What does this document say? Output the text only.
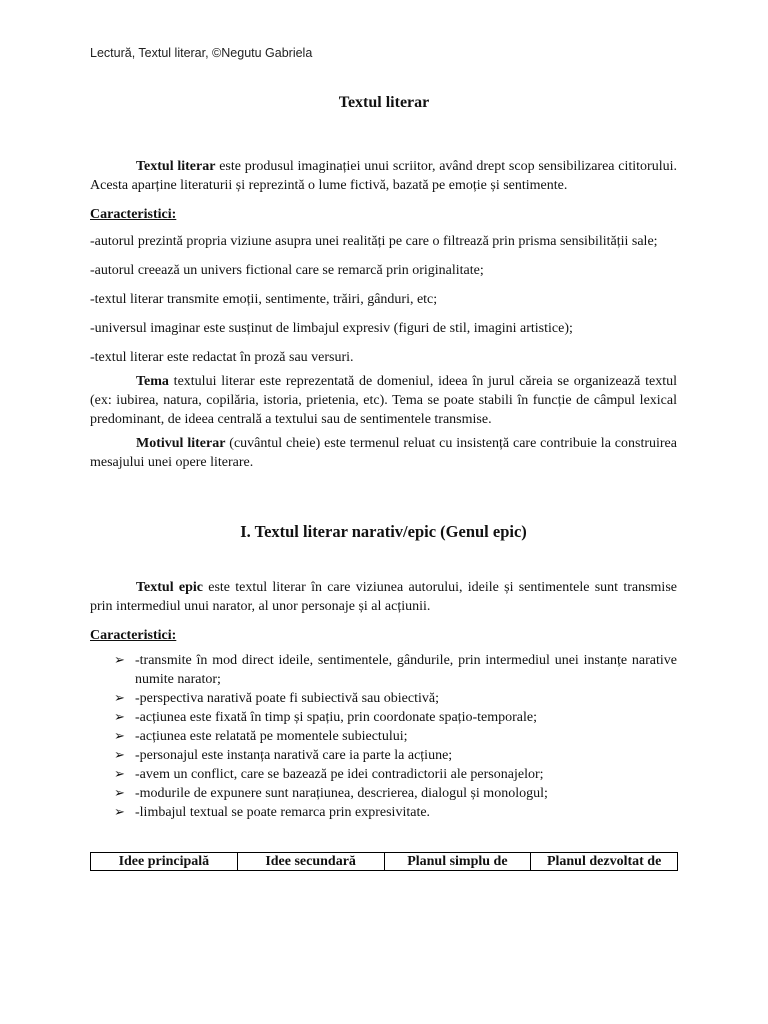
Lectură, Textul literar, ©Negutu Gabriela
Textul literar

Textul literar este produsul imaginației unui scriitor, având drept scop sensibilizarea cititorului. Acesta aparține literaturii și reprezintă o lume fictivă, bazată pe emoție și sentimente.

Caracteristici:

-autorul prezintă propria viziune asupra unei realități pe care o filtrează prin prisma sensibilității sale;

-autorul creează un univers fictional care se remarcă prin originalitate;

-textul literar transmite emoții, sentimente, trăiri, gânduri, etc;

-universul imaginar este susținut de limbajul expresiv (figuri de stil, imagini artistice);

-textul literar este redactat în proză sau versuri.

Tema textului literar este reprezentată de domeniul, ideea în jurul căreia se organizează textul (ex: iubirea, natura, copilăria, istoria, prietenia, etc). Tema se poate stabili în funcție de câmpul lexical predominant, de ideea centrală a textului sau de sentimentele transmise.

Motivul literar (cuvântul cheie) este termenul reluat cu insistență care contribuie la construirea mesajului unei opere literare.

I. Textul literar narativ/epic (Genul epic)

Textul epic este textul literar în care viziunea autorului, ideile și sentimentele sunt transmise prin intermediul unui narator, al unor personaje și al acțiunii.

Caracteristici:

➢ -transmite în mod direct ideile, sentimentele, gândurile, prin intermediul unei instanțe narative numite narator;
➢ -perspectiva narativă poate fi subiectivă sau obiectivă;
➢ -acțiunea este fixată în timp și spațiu, prin coordonate spațio-temporale;
➢ -acțiunea este relatată pe momentele subiectului;
➢ -personajul este instanța narativă care ia parte la acțiune;
➢ -avem un conflict, care se bazează pe idei contradictorii ale personajelor;
➢ -modurile de expunere sunt narațiunea, descrierea, dialogul și monologul;
➢ -limbajul textual se poate remarca prin expresivitate.
Idee principală	Idee secundară	Planul simplu de	Planul dezvoltat de
